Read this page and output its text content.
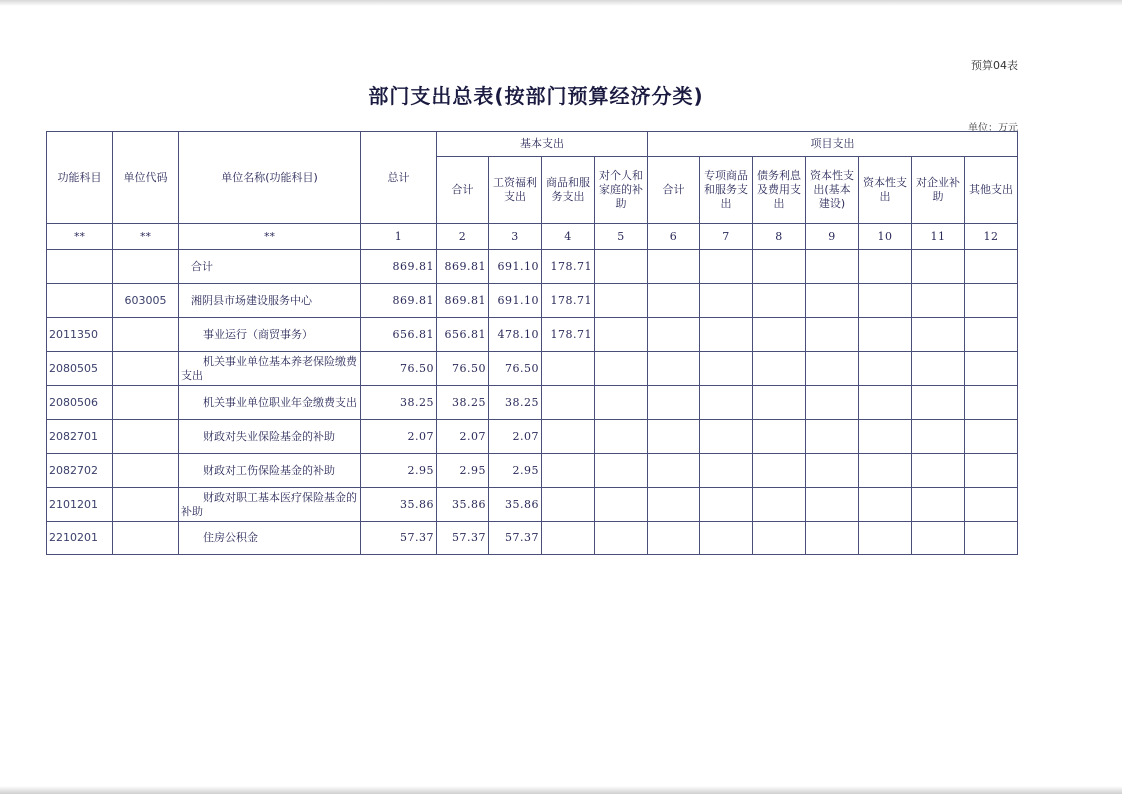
预算04表
部门支出总表(按部门预算经济分类)
单位：万元
功能科目	单位代码	单位名称(功能科目)	总计	基本支出				项目支出						
				合计	工资福利支出	商品和服务支出	对个人和家庭的补助	合计	专项商品和服务支出	债务利息及费用支出	资本性支出(基本建设)	资本性支出	对企业补助	其他支出
**	**	**	1	2	3	4	5	6	7	8	9	10	11	12
		合计	869.81	869.81	691.10	178.71								
	603005	湘阴县市场建设服务中心	869.81	869.81	691.10	178.71								
2011350		事业运行（商贸事务）	656.81	656.81	478.10	178.71								
2080505		机关事业单位基本养老保险缴费支出	76.50	76.50	76.50									
2080506		机关事业单位职业年金缴费支出	38.25	38.25	38.25									
2082701		财政对失业保险基金的补助	2.07	2.07	2.07									
2082702		财政对工伤保险基金的补助	2.95	2.95	2.95									
2101201		财政对职工基本医疗保险基金的补助	35.86	35.86	35.86									
2210201		住房公积金	57.37	57.37	57.37									
